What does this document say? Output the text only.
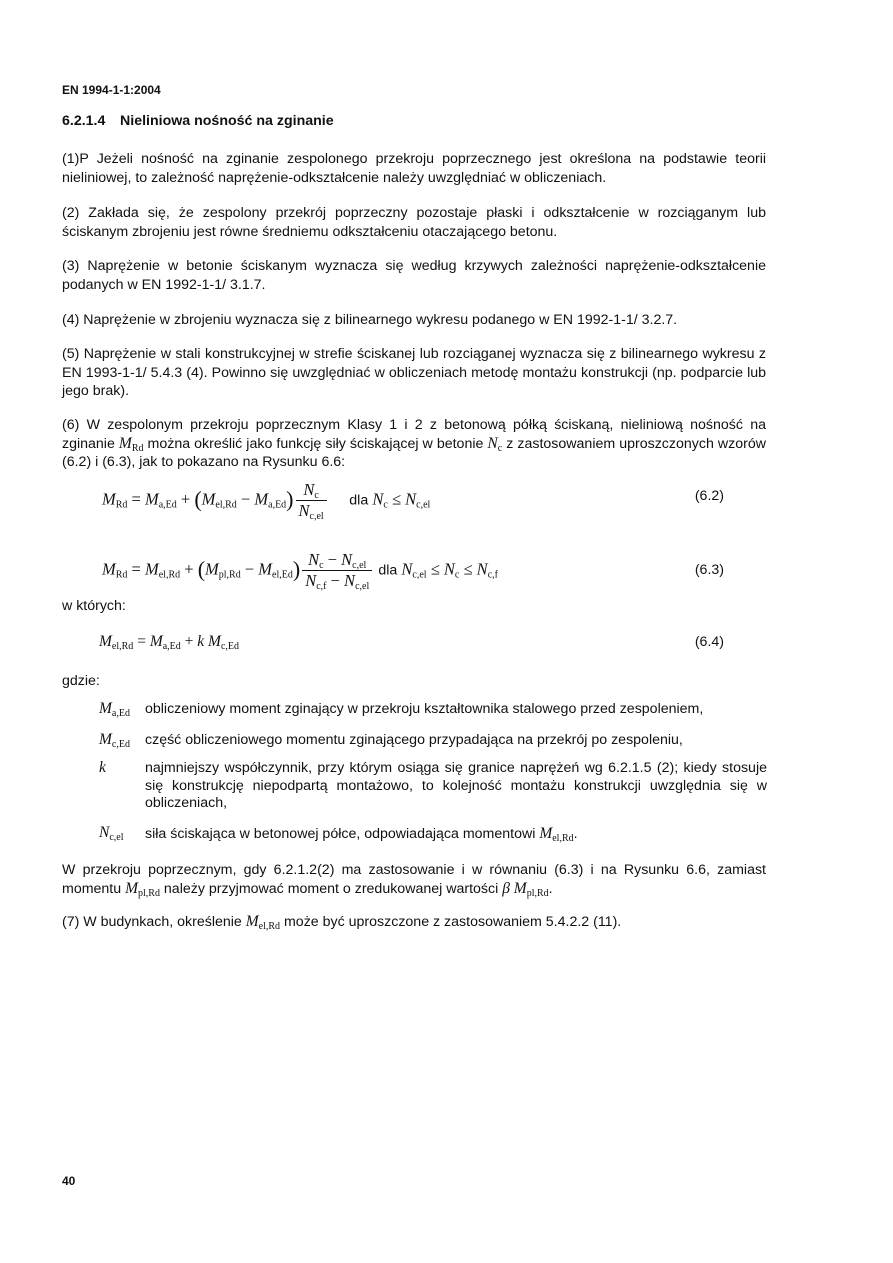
EN 1994-1-1:2004
6.2.1.4 Nieliniowa nośność na zginanie
(1)P Jeżeli nośność na zginanie zespolonego przekroju poprzecznego jest określona na podstawie teorii nieliniowej, to zależność naprężenie-odkształcenie należy uwzględniać w obliczeniach.
(2) Zakłada się, że zespolony przekrój poprzeczny pozostaje płaski i odkształcenie w rozciąganym lub ściskanym zbrojeniu jest równe średniemu odkształceniu otaczającego betonu.
(3) Naprężenie w betonie ściskanym wyznacza się według krzywych zależności naprężenie-odkształcenie podanych w EN 1992-1-1/ 3.1.7.
(4) Naprężenie w zbrojeniu wyznacza się z bilinearnego wykresu podanego w EN 1992-1-1/ 3.2.7.
(5) Naprężenie w stali konstrukcyjnej w strefie ściskanej lub rozciąganej wyznacza się z bilinearnego wykresu z EN 1993-1-1/ 5.4.3 (4). Powinno się uwzględniać w obliczeniach metodę montażu konstrukcji (np. podparcie lub jego brak).
(6) W zespolonym przekroju poprzecznym Klasy 1 i 2 z betonową półką ściskaną, nieliniową nośność na zginanie $M_{Rd}$ można określić jako funkcję siły ściskającej w betonie $N_c$ z zastosowaniem uproszczonych wzorów (6.2) i (6.3), jak to pokazano na Rysunku 6.6:
$M_{Rd} = M_{a,Ed} + (M_{el,Rd} - M_{a,Ed}) \frac{N_c}{N_{c,el}}$ dla $N_c \le N_{c,el}$
(6.2)
$M_{Rd} = M_{el,Rd} + (M_{pl,Rd} - M_{el,Ed}) \frac{N_c - N_{c,el}}{N_{c,f} - N_{c,el}}$ dla $N_{c,el} \le N_c \le N_{c,f}$	(6.3)
w których:
$M_{el,Rd} = M_{a,Ed} + k$ $M_{c,Ed}$	(6.4)
gdzie:
$M_{a,Ed}$ obliczeniowy moment zginający w przekroju kształtownika stalowego przed zespoleniem,
$M_{c,Ed}$ część obliczeniowego momentu zginającego przypadająca na przekrój po zespoleniu,
k	najmniejszy współczynnik, przy którym osiąga się granice naprężeń wg 6.2.1.5 (2); kiedy stosuje się konstrukcję niepodpartą montażowo, to kolejność montażu konstrukcji uwzględnia się w obliczeniach,
$N_{c,el}$ siła ściskająca w betonowej półce, odpowiadająca momentowi $M_{el,Rd}$.
W przekroju poprzecznym, gdy 6.2.1.2(2) ma zastosowanie i w równaniu (6.3) i na Rysunku 6.6, zamiast momentu $M_{pl,Rd}$ należy przyjmować moment o zredukowanej wartości β $M_{pl,Rd}$.
(7) W budynkach, określenie $M_{el,Rd}$ może być uproszczone z zastosowaniem 5.4.2.2 (11).
40
